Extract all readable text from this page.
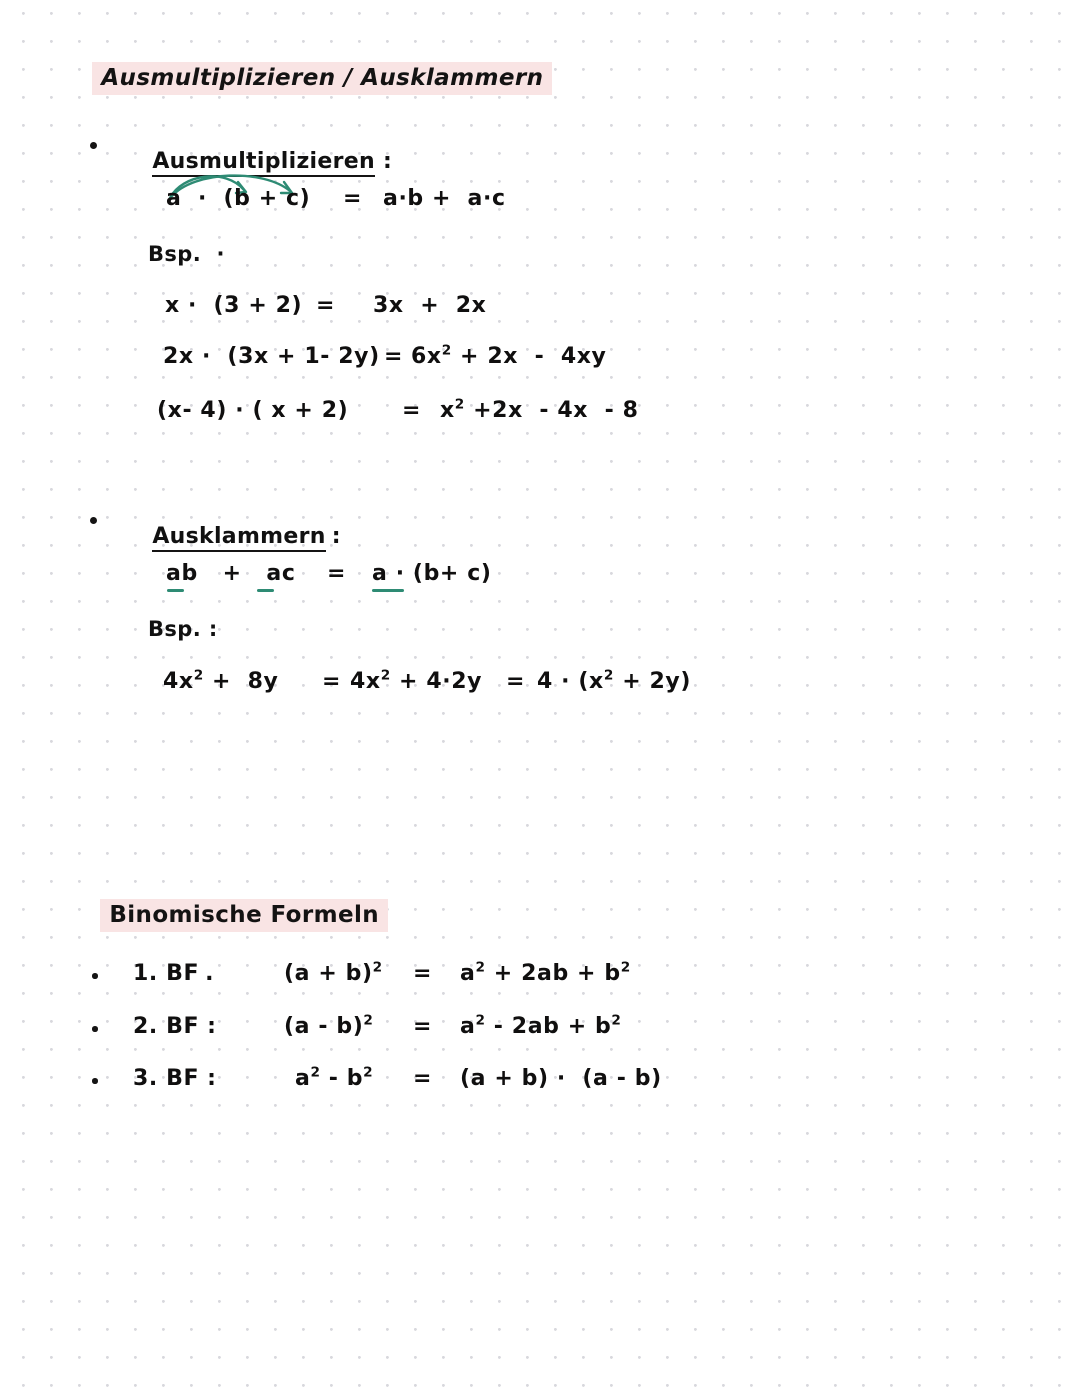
Ausmultiplizieren / Ausklammern

Ausmultiplizieren :

a  ·  (b + c) = a·b +  a·c
Bsp.  ·
x ·  (3 + 2) = 3x  +  2x
2x ·  (3x + 1- $2y) = 6x^2 + 2x - 4xy$
(x- 4) · ( $x + 2) = x^2 +2x - 4x - 8$

Ausklammern :

ab   +   ac = a · (b+ c)
Bsp. :
$4x^2 + 8y = 4x^2 + 4\cdot 2y = 4 \cdot (x^2 + 2y)$

Binomische Formeln

1. BF .	$(a + b)^2 = a^2 + 2ab + b^2$
2. BF :	$(a - b)^2 = a^2 - 2ab + b^2$
3. BF :	$a^2 - b^2 = (a + b) \cdot (a - b)$
